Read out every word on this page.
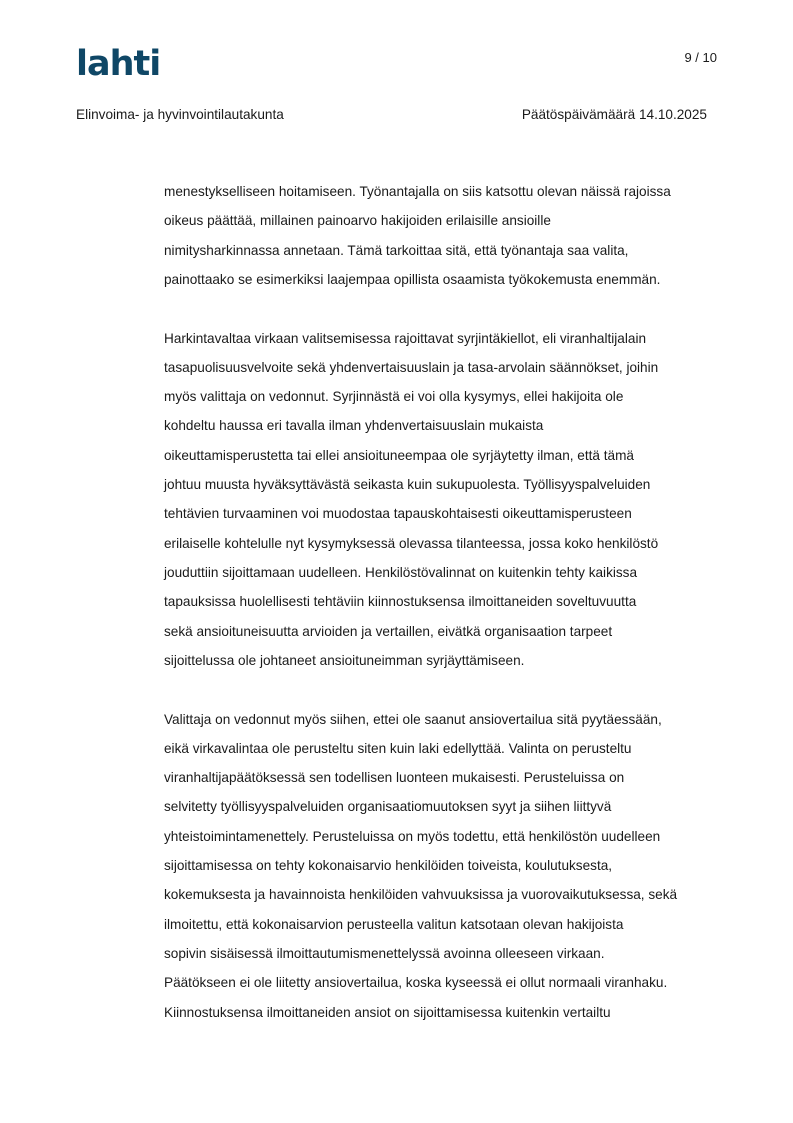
lahti	9 / 10
Elinvoima- ja hyvinvointilautakunta	Päätöspäivämäärä 14.10.2025

menestykselliseen hoitamiseen. Työnantajalla on siis katsottu olevan näissä rajoissa
oikeus päättää, millainen painoarvo hakijoiden erilaisille ansioille
nimitysharkinnassa annetaan. Tämä tarkoittaa sitä, että työnantaja saa valita,
painottaako se esimerkiksi laajempaa opillista osaamista työkokemusta enemmän.

Harkintavaltaa virkaan valitsemisessa rajoittavat syrjintäkiellot, eli viranhaltijalain
tasapuolisuusvelvoite sekä yhdenvertaisuuslain ja tasa-arvolain säännökset, joihin
myös valittaja on vedonnut. Syrjinnästä ei voi olla kysymys, ellei hakijoita ole
kohdeltu haussa eri tavalla ilman yhdenvertaisuuslain mukaista
oikeuttamisperustetta tai ellei ansioituneempaa ole syrjäytetty ilman, että tämä
johtuu muusta hyväksyttävästä seikasta kuin sukupuolesta. Työllisyyspalveluiden
tehtävien turvaaminen voi muodostaa tapauskohtaisesti oikeuttamisperusteen
erilaiselle kohtelulle nyt kysymyksessä olevassa tilanteessa, jossa koko henkilöstö
jouduttiin sijoittamaan uudelleen. Henkilöstövalinnat on kuitenkin tehty kaikissa
tapauksissa huolellisesti tehtäviin kiinnostuksensa ilmoittaneiden soveltuvuutta
sekä ansioituneisuutta arvioiden ja vertaillen, eivätkä organisaation tarpeet
sijoittelussa ole johtaneet ansioituneimman syrjäyttämiseen.

Valittaja on vedonnut myös siihen, ettei ole saanut ansiovertailua sitä pyytäessään,
eikä virkavalintaa ole perusteltu siten kuin laki edellyttää. Valinta on perusteltu
viranhaltijapäätöksessä sen todellisen luonteen mukaisesti. Perusteluissa on
selvitetty työllisyyspalveluiden organisaatiomuutoksen syyt ja siihen liittyvä
yhteistoimintamenettely. Perusteluissa on myös todettu, että henkilöstön uudelleen
sijoittamisessa on tehty kokonaisarvio henkilöiden toiveista, koulutuksesta,
kokemuksesta ja havainnoista henkilöiden vahvuuksissa ja vuorovaikutuksessa, sekä
ilmoitettu, että kokonaisarvion perusteella valitun katsotaan olevan hakijoista
sopivin sisäisessä ilmoittautumismenettelyssä avoinna olleeseen virkaan.
Päätökseen ei ole liitetty ansiovertailua, koska kyseessä ei ollut normaali viranhaku.
Kiinnostuksensa ilmoittaneiden ansiot on sijoittamisessa kuitenkin vertailtu
